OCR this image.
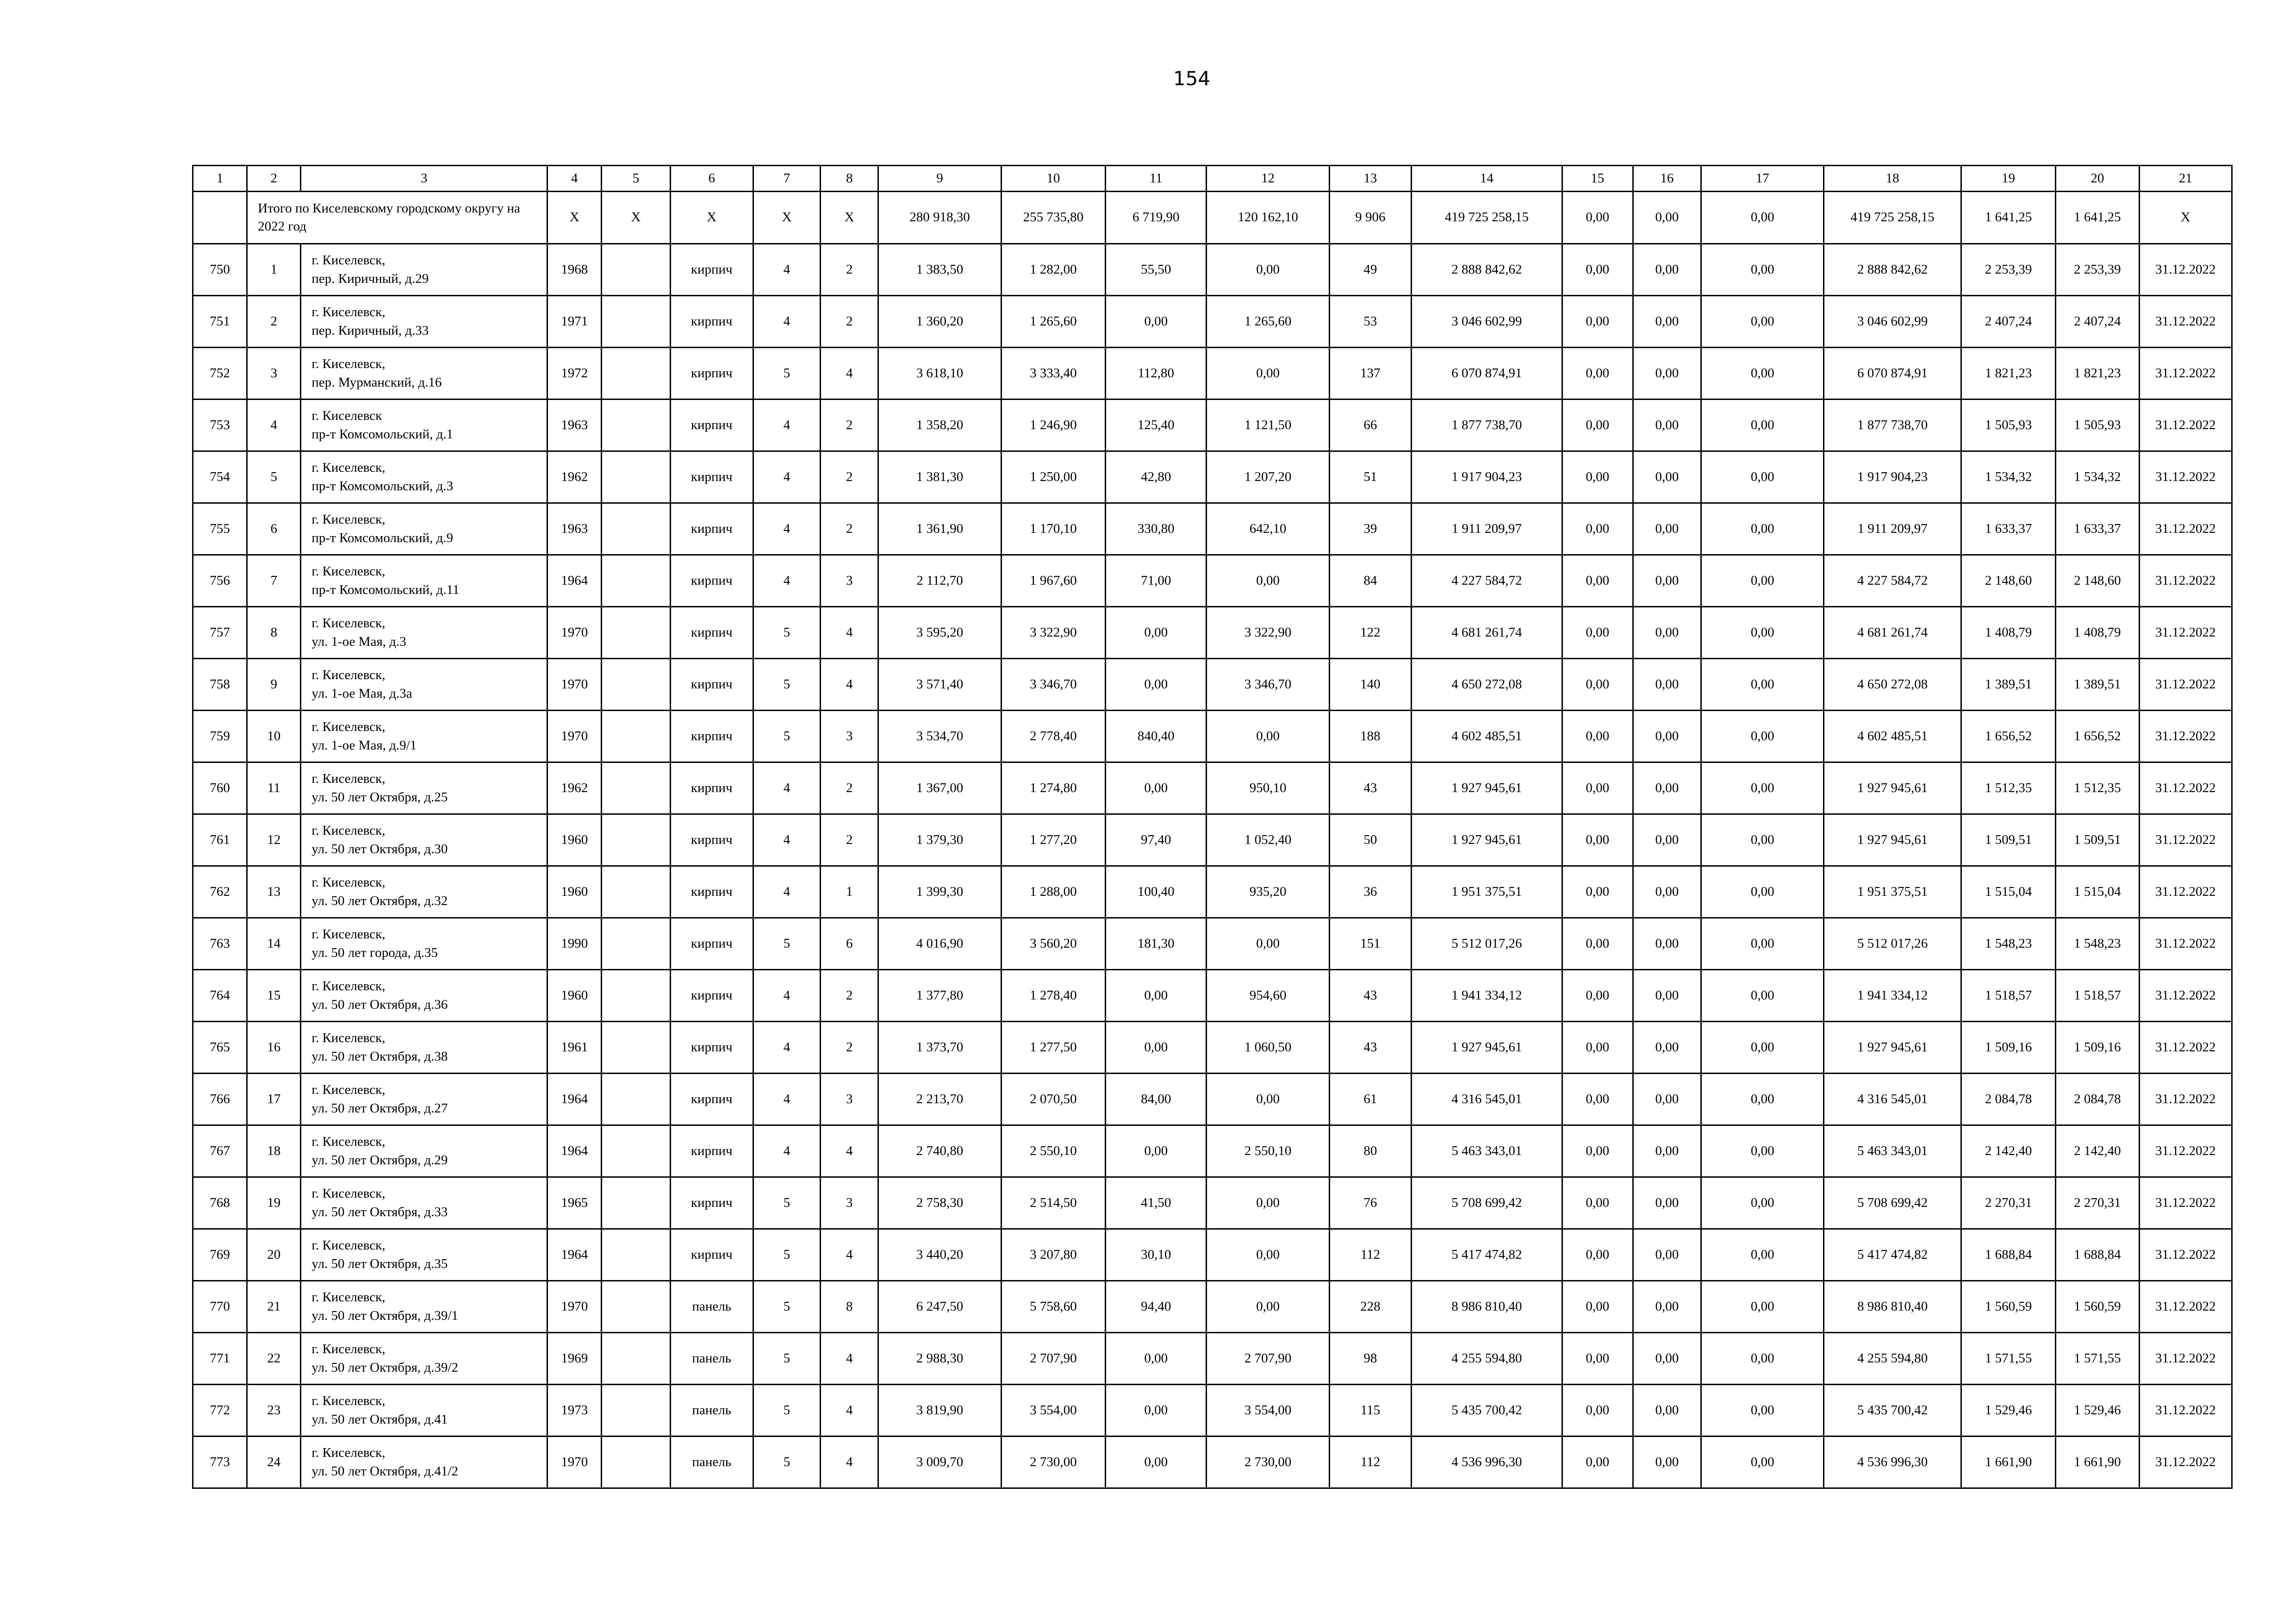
154
1	2	3	4	5	6	7	8	9	10	11	12	13	14	15	16	17	18	19	20	21
	Итого по Киселевскому городскому округу на 2022 год		X	X	X	X	X	280 918,30	255 735,80	6 719,90	120 162,10	9 906	419 725 258,15	0,00	0,00	0,00	419 725 258,15	1 641,25	1 641,25	X
750	1	г. Киселевск,
пер. Киричный, д.29	1968		кирпич	4	2	1 383,50	1 282,00	55,50	0,00	49	2 888 842,62	0,00	0,00	0,00	2 888 842,62	2 253,39	2 253,39	31.12.2022
751	2	г. Киселевск,
пер. Киричный, д.33	1971		кирпич	4	2	1 360,20	1 265,60	0,00	1 265,60	53	3 046 602,99	0,00	0,00	0,00	3 046 602,99	2 407,24	2 407,24	31.12.2022
752	3	г. Киселевск,
пер. Мурманский, д.16	1972		кирпич	5	4	3 618,10	3 333,40	112,80	0,00	137	6 070 874,91	0,00	0,00	0,00	6 070 874,91	1 821,23	1 821,23	31.12.2022
753	4	г. Киселевск
пр-т Комсомольский, д.1	1963		кирпич	4	2	1 358,20	1 246,90	125,40	1 121,50	66	1 877 738,70	0,00	0,00	0,00	1 877 738,70	1 505,93	1 505,93	31.12.2022
754	5	г. Киселевск,
пр-т Комсомольский, д.3	1962		кирпич	4	2	1 381,30	1 250,00	42,80	1 207,20	51	1 917 904,23	0,00	0,00	0,00	1 917 904,23	1 534,32	1 534,32	31.12.2022
755	6	г. Киселевск,
пр-т Комсомольский, д.9	1963		кирпич	4	2	1 361,90	1 170,10	330,80	642,10	39	1 911 209,97	0,00	0,00	0,00	1 911 209,97	1 633,37	1 633,37	31.12.2022
756	7	г. Киселевск,
пр-т Комсомольский, д.11	1964		кирпич	4	3	2 112,70	1 967,60	71,00	0,00	84	4 227 584,72	0,00	0,00	0,00	4 227 584,72	2 148,60	2 148,60	31.12.2022
757	8	г. Киселевск,
ул. 1-ое Мая, д.3	1970		кирпич	5	4	3 595,20	3 322,90	0,00	3 322,90	122	4 681 261,74	0,00	0,00	0,00	4 681 261,74	1 408,79	1 408,79	31.12.2022
758	9	г. Киселевск,
ул. 1-ое Мая, д.3а	1970		кирпич	5	4	3 571,40	3 346,70	0,00	3 346,70	140	4 650 272,08	0,00	0,00	0,00	4 650 272,08	1 389,51	1 389,51	31.12.2022
759	10	г. Киселевск,
ул. 1-ое Мая, д.9/1	1970		кирпич	5	3	3 534,70	2 778,40	840,40	0,00	188	4 602 485,51	0,00	0,00	0,00	4 602 485,51	1 656,52	1 656,52	31.12.2022
760	11	г. Киселевск,
ул. 50 лет Октября, д.25	1962		кирпич	4	2	1 367,00	1 274,80	0,00	950,10	43	1 927 945,61	0,00	0,00	0,00	1 927 945,61	1 512,35	1 512,35	31.12.2022
761	12	г. Киселевск,
ул. 50 лет Октября, д.30	1960		кирпич	4	2	1 379,30	1 277,20	97,40	1 052,40	50	1 927 945,61	0,00	0,00	0,00	1 927 945,61	1 509,51	1 509,51	31.12.2022
762	13	г. Киселевск,
ул. 50 лет Октября, д.32	1960		кирпич	4	1	1 399,30	1 288,00	100,40	935,20	36	1 951 375,51	0,00	0,00	0,00	1 951 375,51	1 515,04	1 515,04	31.12.2022
763	14	г. Киселевск,
ул. 50 лет города, д.35	1990		кирпич	5	6	4 016,90	3 560,20	181,30	0,00	151	5 512 017,26	0,00	0,00	0,00	5 512 017,26	1 548,23	1 548,23	31.12.2022
764	15	г. Киселевск,
ул. 50 лет Октября, д.36	1960		кирпич	4	2	1 377,80	1 278,40	0,00	954,60	43	1 941 334,12	0,00	0,00	0,00	1 941 334,12	1 518,57	1 518,57	31.12.2022
765	16	г. Киселевск,
ул. 50 лет Октября, д.38	1961		кирпич	4	2	1 373,70	1 277,50	0,00	1 060,50	43	1 927 945,61	0,00	0,00	0,00	1 927 945,61	1 509,16	1 509,16	31.12.2022
766	17	г. Киселевск,
ул. 50 лет Октября, д.27	1964		кирпич	4	3	2 213,70	2 070,50	84,00	0,00	61	4 316 545,01	0,00	0,00	0,00	4 316 545,01	2 084,78	2 084,78	31.12.2022
767	18	г. Киселевск,
ул. 50 лет Октября, д.29	1964		кирпич	4	4	2 740,80	2 550,10	0,00	2 550,10	80	5 463 343,01	0,00	0,00	0,00	5 463 343,01	2 142,40	2 142,40	31.12.2022
768	19	г. Киселевск,
ул. 50 лет Октября, д.33	1965		кирпич	5	3	2 758,30	2 514,50	41,50	0,00	76	5 708 699,42	0,00	0,00	0,00	5 708 699,42	2 270,31	2 270,31	31.12.2022
769	20	г. Киселевск,
ул. 50 лет Октября, д.35	1964		кирпич	5	4	3 440,20	3 207,80	30,10	0,00	112	5 417 474,82	0,00	0,00	0,00	5 417 474,82	1 688,84	1 688,84	31.12.2022
770	21	г. Киселевск,
ул. 50 лет Октября, д.39/1	1970		панель	5	8	6 247,50	5 758,60	94,40	0,00	228	8 986 810,40	0,00	0,00	0,00	8 986 810,40	1 560,59	1 560,59	31.12.2022
771	22	г. Киселевск,
ул. 50 лет Октября, д.39/2	1969		панель	5	4	2 988,30	2 707,90	0,00	2 707,90	98	4 255 594,80	0,00	0,00	0,00	4 255 594,80	1 571,55	1 571,55	31.12.2022
772	23	г. Киселевск,
ул. 50 лет Октября, д.41	1973		панель	5	4	3 819,90	3 554,00	0,00	3 554,00	115	5 435 700,42	0,00	0,00	0,00	5 435 700,42	1 529,46	1 529,46	31.12.2022
773	24	г. Киселевск,
ул. 50 лет Октября, д.41/2	1970		панель	5	4	3 009,70	2 730,00	0,00	2 730,00	112	4 536 996,30	0,00	0,00	0,00	4 536 996,30	1 661,90	1 661,90	31.12.2022
